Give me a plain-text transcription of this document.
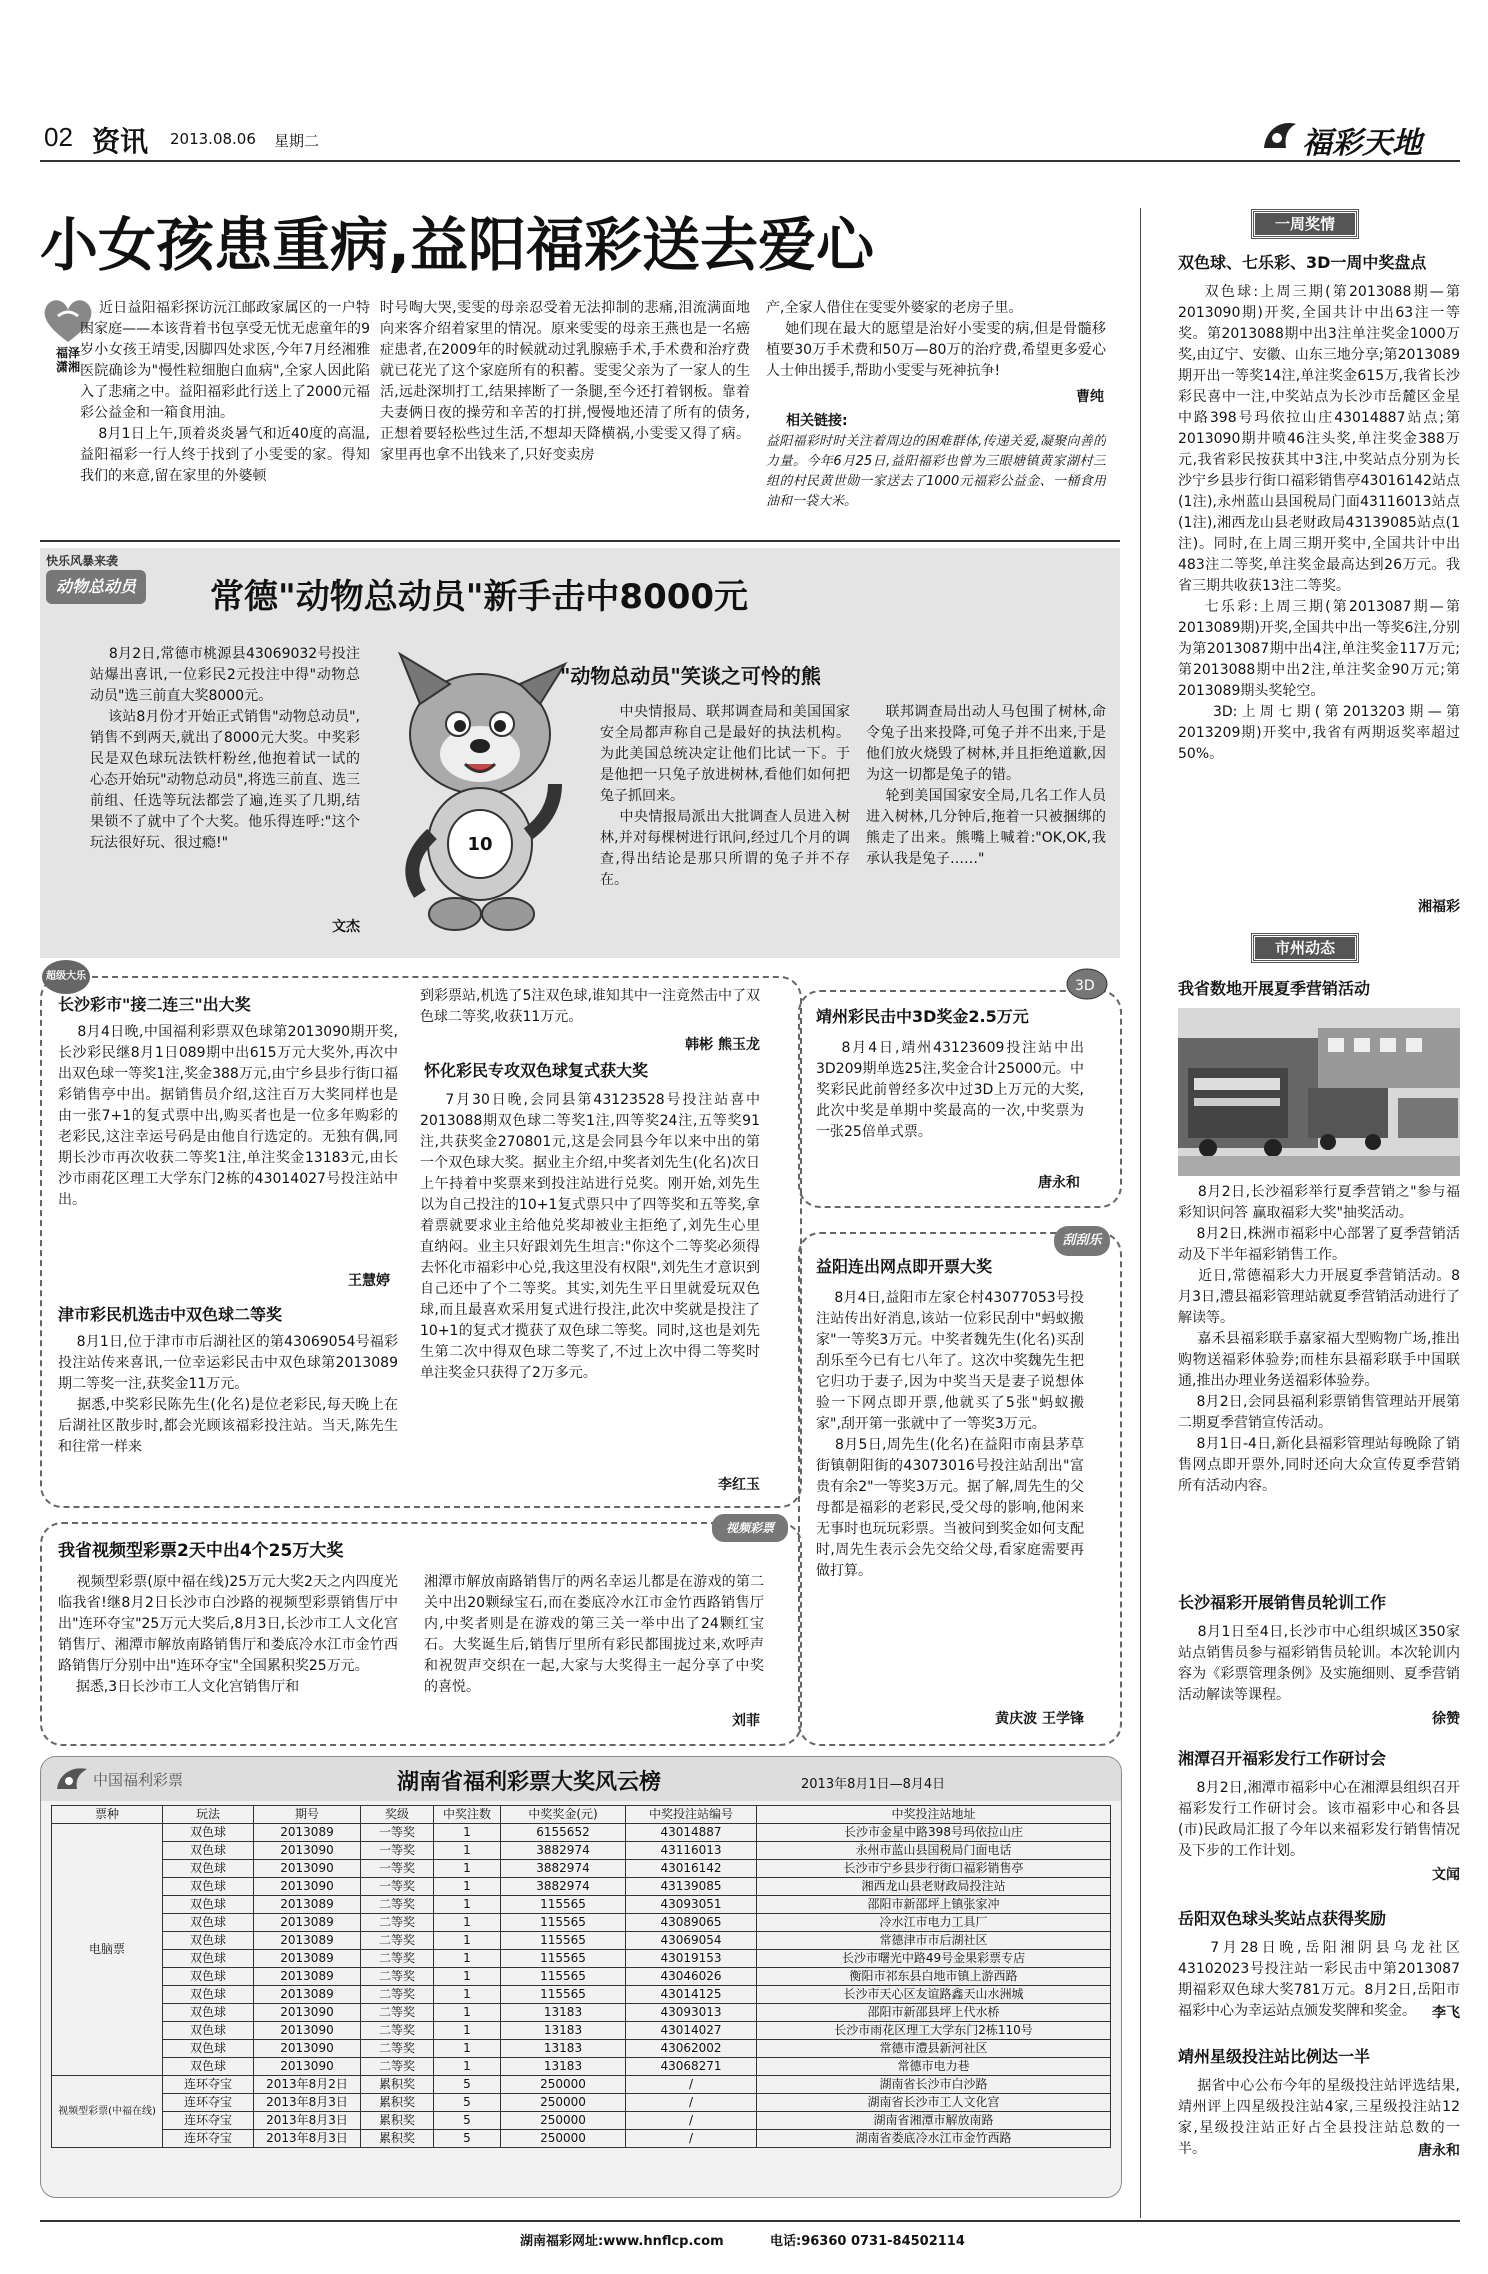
02 资讯 2013.08.06 星期二	福彩天地
小女孩患重病,益阳福彩送去爱心
福泽
潇湘
近日益阳福彩探访沅江邮政家属区的一户特困家庭——本该背着书包享受无忧无虑童年的9岁小女孩王靖雯,因脚四处求医,今年7月经湘雅医院确诊为"慢性粒细胞白血病",全家人因此陷入了悲痛之中。益阳福彩此行送上了2000元福彩公益金和一箱食用油。
8月1日上午,顶着炎炎暑气和近40度的高温,益阳福彩一行人终于找到了小雯雯的家。得知我们的来意,留在家里的外婆顿
时号啕大哭,雯雯的母亲忍受着无法抑制的悲痛,泪流满面地向来客介绍着家里的情况。原来雯雯的母亲王燕也是一名癌症患者,在2009年的时候就动过乳腺癌手术,手术费和治疗费就已花光了这个家庭所有的积蓄。雯雯父亲为了一家人的生活,远赴深圳打工,结果摔断了一条腿,至今还打着钢板。靠着夫妻俩日夜的操劳和辛苦的打拼,慢慢地还清了所有的债务,正想着要轻松些过生活,不想却天降横祸,小雯雯又得了病。家里再也拿不出钱来了,只好变卖房
产,全家人借住在雯雯外婆家的老房子里。
她们现在最大的愿望是治好小雯雯的病,但是骨髓移植要30万手术费和50万—80万的治疗费,希望更多爱心人士伸出援手,帮助小雯雯与死神抗争!
曹纯
相关链接:
益阳福彩时时关注着周边的困难群体,传递关爱,凝聚向善的力量。今年6月25日,益阳福彩也曾为三眼塘镇黄家湖村三组的村民黄世勋一家送去了1000元福彩公益金、一桶食用油和一袋大米。
快乐风暴来袭
动物总动员 常德"动物总动员"新手击中8000元
8月2日,常德市桃源县43069032号投注站爆出喜讯,一位彩民2元投注中得"动物总动员"选三前直大奖8000元。
该站8月份才开始正式销售"动物总动员",销售不到两天,就出了8000元大奖。中奖彩民是双色球玩法铁杆粉丝,他抱着试一试的心态开始玩"动物总动员",将选三前直、选三前组、任选等玩法都尝了遍,连买了几期,结果锁不了就中了个大奖。他乐得连呼:"这个玩法很好玩、很过瘾!"
文杰
10
"动物总动员"笑谈之可怜的熊
中央情报局、联邦调查局和美国国家安全局都声称自己是最好的执法机构。为此美国总统决定让他们比试一下。于是他把一只兔子放进树林,看他们如何把兔子抓回来。
中央情报局派出大批调查人员进入树林,并对每棵树进行讯问,经过几个月的调查,得出结论是那只所谓的兔子并不存在。
联邦调查局出动人马包围了树林,命令兔子出来投降,可兔子并不出来,于是他们放火烧毁了树林,并且拒绝道歉,因为这一切都是兔子的错。
轮到美国国家安全局,几名工作人员进入树林,几分钟后,拖着一只被捆绑的熊走了出来。熊嘴上喊着:"OK,OK,我承认我是兔子……"
超级大乐
长沙彩市"接二连三"出大奖
8月4日晚,中国福利彩票双色球第2013090期开奖,长沙彩民继8月1日089期中出615万元大奖外,再次中出双色球一等奖1注,奖金388万元,由宁乡县步行街口福彩销售亭中出。据销售员介绍,这注百万大奖同样也是由一张7+1的复式票中出,购买者也是一位多年购彩的老彩民,这注幸运号码是由他自行选定的。无独有偶,同期长沙市再次收获二等奖1注,单注奖金13183元,由长沙市雨花区理工大学东门2栋的43014027号投注站中出。
王慧婷
津市彩民机选击中双色球二等奖
8月1日,位于津市市后湖社区的第43069054号福彩投注站传来喜讯,一位幸运彩民击中双色球第2013089期二等奖一注,获奖金11万元。
据悉,中奖彩民陈先生(化名)是位老彩民,每天晚上在后湖社区散步时,都会光顾该福彩投注站。当天,陈先生和往常一样来
到彩票站,机选了5注双色球,谁知其中一注竟然击中了双色球二等奖,收获11万元。
韩彬 熊玉龙
怀化彩民专攻双色球复式获大奖
7月30日晚,会同县第43123528号投注站喜中2013088期双色球二等奖1注,四等奖24注,五等奖91注,共获奖金270801元,这是会同县今年以来中出的第一个双色球大奖。据业主介绍,中奖者刘先生(化名)次日上午持着中奖票来到投注站进行兑奖。刚开始,刘先生以为自己投注的10+1复式票只中了四等奖和五等奖,拿着票就要求业主给他兑奖却被业主拒绝了,刘先生心里直纳闷。业主只好跟刘先生坦言:"你这个二等奖必须得去怀化市福彩中心兑,我这里没有权限",刘先生才意识到自己还中了个二等奖。其实,刘先生平日里就爱玩双色球,而且最喜欢采用复式进行投注,此次中奖就是投注了10+1的复式才揽获了双色球二等奖。同时,这也是刘先生第二次中得双色球二等奖了,不过上次中得二等奖时单注奖金只获得了2万多元。
李红玉
3D
靖州彩民击中3D奖金2.5万元
8月4日,靖州43123609投注站中出3D209期单选25注,奖金合计25000元。中奖彩民此前曾经多次中过3D上万元的大奖,此次中奖是单期中奖最高的一次,中奖票为一张25倍单式票。
唐永和
刮刮乐
益阳连出网点即开票大奖
8月4日,益阳市左家仑村43077053号投注站传出好消息,该站一位彩民刮中"蚂蚁搬家"一等奖3万元。中奖者魏先生(化名)买刮刮乐至今已有七八年了。这次中奖魏先生把它归功于妻子,因为中奖当天是妻子说想体验一下网点即开票,他就买了5张"蚂蚁搬家",刮开第一张就中了一等奖3万元。
8月5日,周先生(化名)在益阳市南县茅草街镇朝阳街的43073016号投注站刮出"富贵有余2"一等奖3万元。据了解,周先生的父母都是福彩的老彩民,受父母的影响,他闲来无事时也玩玩彩票。当被问到奖金如何支配时,周先生表示会先交给父母,看家庭需要再做打算。
黄庆波 王学锋
视频彩票
我省视频型彩票2天中出4个25万大奖
视频型彩票(原中福在线)25万元大奖2天之内四度光临我省!继8月2日长沙市白沙路的视频型彩票销售厅中出"连环夺宝"25万元大奖后,8月3日,长沙市工人文化宫销售厅、湘潭市解放南路销售厅和娄底冷水江市金竹西路销售厅分别中出"连环夺宝"全国累积奖25万元。
据悉,3日长沙市工人文化宫销售厅和
湘潭市解放南路销售厅的两名幸运儿都是在游戏的第二关中出20颗绿宝石,而在娄底冷水江市金竹西路销售厅内,中奖者则是在游戏的第三关一举中出了24颗红宝石。大奖诞生后,销售厅里所有彩民都围拢过来,欢呼声和祝贺声交织在一起,大家与大奖得主一起分享了中奖的喜悦。
刘菲
中国福利彩票	湖南省福利彩票大奖风云榜	2013年8月1日—8月4日
票种	玩法	期号	奖级	中奖注数	中奖奖金(元)	中奖投注站编号	中奖投注站地址
电脑票	双色球	2013089	一等奖	1	6155652	43014887	长沙市金星中路398号玛依拉山庄
	双色球	2013090	一等奖	1	3882974	43116013	永州市蓝山县国税局门面电话
	双色球	2013090	一等奖	1	3882974	43016142	长沙市宁乡县步行街口福彩销售亭
	双色球	2013090	一等奖	1	3882974	43139085	湘西龙山县老财政局投注站
	双色球	2013089	二等奖	1	115565	43093051	邵阳市新邵坪上镇张家冲
	双色球	2013089	二等奖	1	115565	43089065	冷水江市电力工具厂
	双色球	2013089	二等奖	1	115565	43069054	常德津市市后湖社区
	双色球	2013089	二等奖	1	115565	43019153	长沙市曙光中路49号金果彩票专店
	双色球	2013089	二等奖	1	115565	43046026	衡阳市祁东县白地市镇上游西路
	双色球	2013089	二等奖	1	115565	43014125	长沙市天心区友谊路鑫天山水洲城
	双色球	2013090	二等奖	1	13183	43093013	邵阳市新邵县坪上代水桥
	双色球	2013090	二等奖	1	13183	43014027	长沙市雨花区理工大学东门2栋110号
	双色球	2013090	二等奖	1	13183	43062002	常德市澧县新河社区
	双色球	2013090	二等奖	1	13183	43068271	常德市电力巷
视频型彩票(中福在线)	连环夺宝	2013年8月2日	累积奖	5	250000	/	湖南省长沙市白沙路
	连环夺宝	2013年8月3日	累积奖	5	250000	/	湖南省长沙市工人文化宫
	连环夺宝	2013年8月3日	累积奖	5	250000	/	湖南省湘潭市解放南路
	连环夺宝	2013年8月3日	累积奖	5	250000	/	湖南省娄底冷水江市金竹西路
一周奖情
双色球、七乐彩、3D一周中奖盘点
双色球:上周三期(第2013088期—第2013090期)开奖,全国共计中出63注一等奖。第2013088期中出3注单注奖金1000万奖,由辽宁、安徽、山东三地分享;第2013089期开出一等奖14注,单注奖金615万,我省长沙彩民喜中一注,中奖站点为长沙市岳麓区金星中路398号玛依拉山庄43014887站点;第2013090期井喷46注头奖,单注奖金388万元,我省彩民按获其中3注,中奖站点分别为长沙宁乡县步行街口福彩销售亭43016142站点(1注),永州蓝山县国税局门面43116013站点(1注),湘西龙山县老财政局43139085站点(1注)。同时,在上周三期开奖中,全国共计中出483注二等奖,单注奖金最高达到26万元。我省三期共收获13注二等奖。
七乐彩:上周三期(第2013087期—第2013089期)开奖,全国共中出一等奖6注,分别为第2013087期中出4注,单注奖金117万元;第2013088期中出2注,单注奖金90万元;第2013089期头奖轮空。
3D:上周七期(第2013203期—第2013209期)开奖中,我省有两期返奖率超过50%。
湘福彩
市州动态
我省数地开展夏季营销活动
8月2日,长沙福彩举行夏季营销之"参与福彩知识问答 赢取福彩大奖"抽奖活动。
8月2日,株洲市福彩中心部署了夏季营销活动及下半年福彩销售工作。
近日,常德福彩大力开展夏季营销活动。8月3日,澧县福彩管理站就夏季营销活动进行了解读等。
嘉禾县福彩联手嘉家福大型购物广场,推出购物送福彩体验券;而桂东县福彩联手中国联通,推出办理业务送福彩体验券。
8月2日,会同县福利彩票销售管理站开展第二期夏季营销宣传活动。
8月1日-4日,新化县福彩管理站每晚除了销售网点即开票外,同时还向大众宣传夏季营销所有活动内容。
长沙福彩开展销售员轮训工作
8月1日至4日,长沙市中心组织城区350家站点销售员参与福彩销售员轮训。本次轮训内容为《彩票管理条例》及实施细则、夏季营销活动解读等课程。
徐赞
湘潭召开福彩发行工作研讨会
8月2日,湘潭市福彩中心在湘潭县组织召开福彩发行工作研讨会。该市福彩中心和各县(市)民政局汇报了今年以来福彩发行销售情况及下步的工作计划。
文闻
岳阳双色球头奖站点获得奖励
7月28日晚,岳阳湘阴县乌龙社区43102023号投注站一彩民击中第2013087期福彩双色球大奖781万元。8月2日,岳阳市福彩中心为幸运站点颁发奖牌和奖金。	李飞
靖州星级投注站比例达一半
据省中心公布今年的星级投注站评选结果,靖州评上四星级投注站4家,三星级投注站12家,星级投注站正好占全县投注站总数的一半。	唐永和
湖南福彩网址:www.hnflcp.com	电话:96360 0731-84502114
